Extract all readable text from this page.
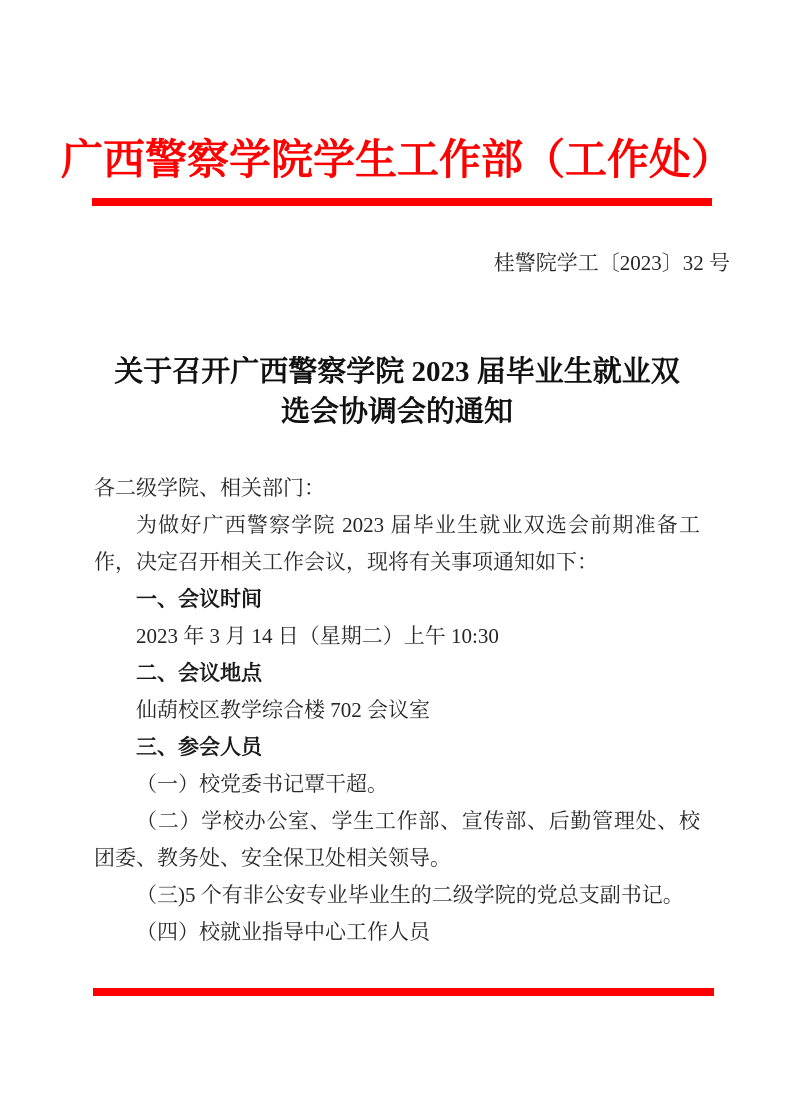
广西警察学院学生工作部（工作处）
桂警院学工〔2023〕32 号
关于召开广西警察学院 2023 届毕业生就业双选会协调会的通知

各二级学院、相关部门：

为做好广西警察学院 2023 届毕业生就业双选会前期准备工作，决定召开相关工作会议，现将有关事项通知如下：

一、会议时间

2023 年 3 月 14 日（星期二）上午 10:30

二、会议地点

仙葫校区教学综合楼 702 会议室

三、参会人员

（一）校党委书记覃干超。

（二）学校办公室、学生工作部、宣传部、后勤管理处、校团委、教务处、安全保卫处相关领导。

（三)5 个有非公安专业毕业生的二级学院的党总支副书记。

（四）校就业指导中心工作人员
